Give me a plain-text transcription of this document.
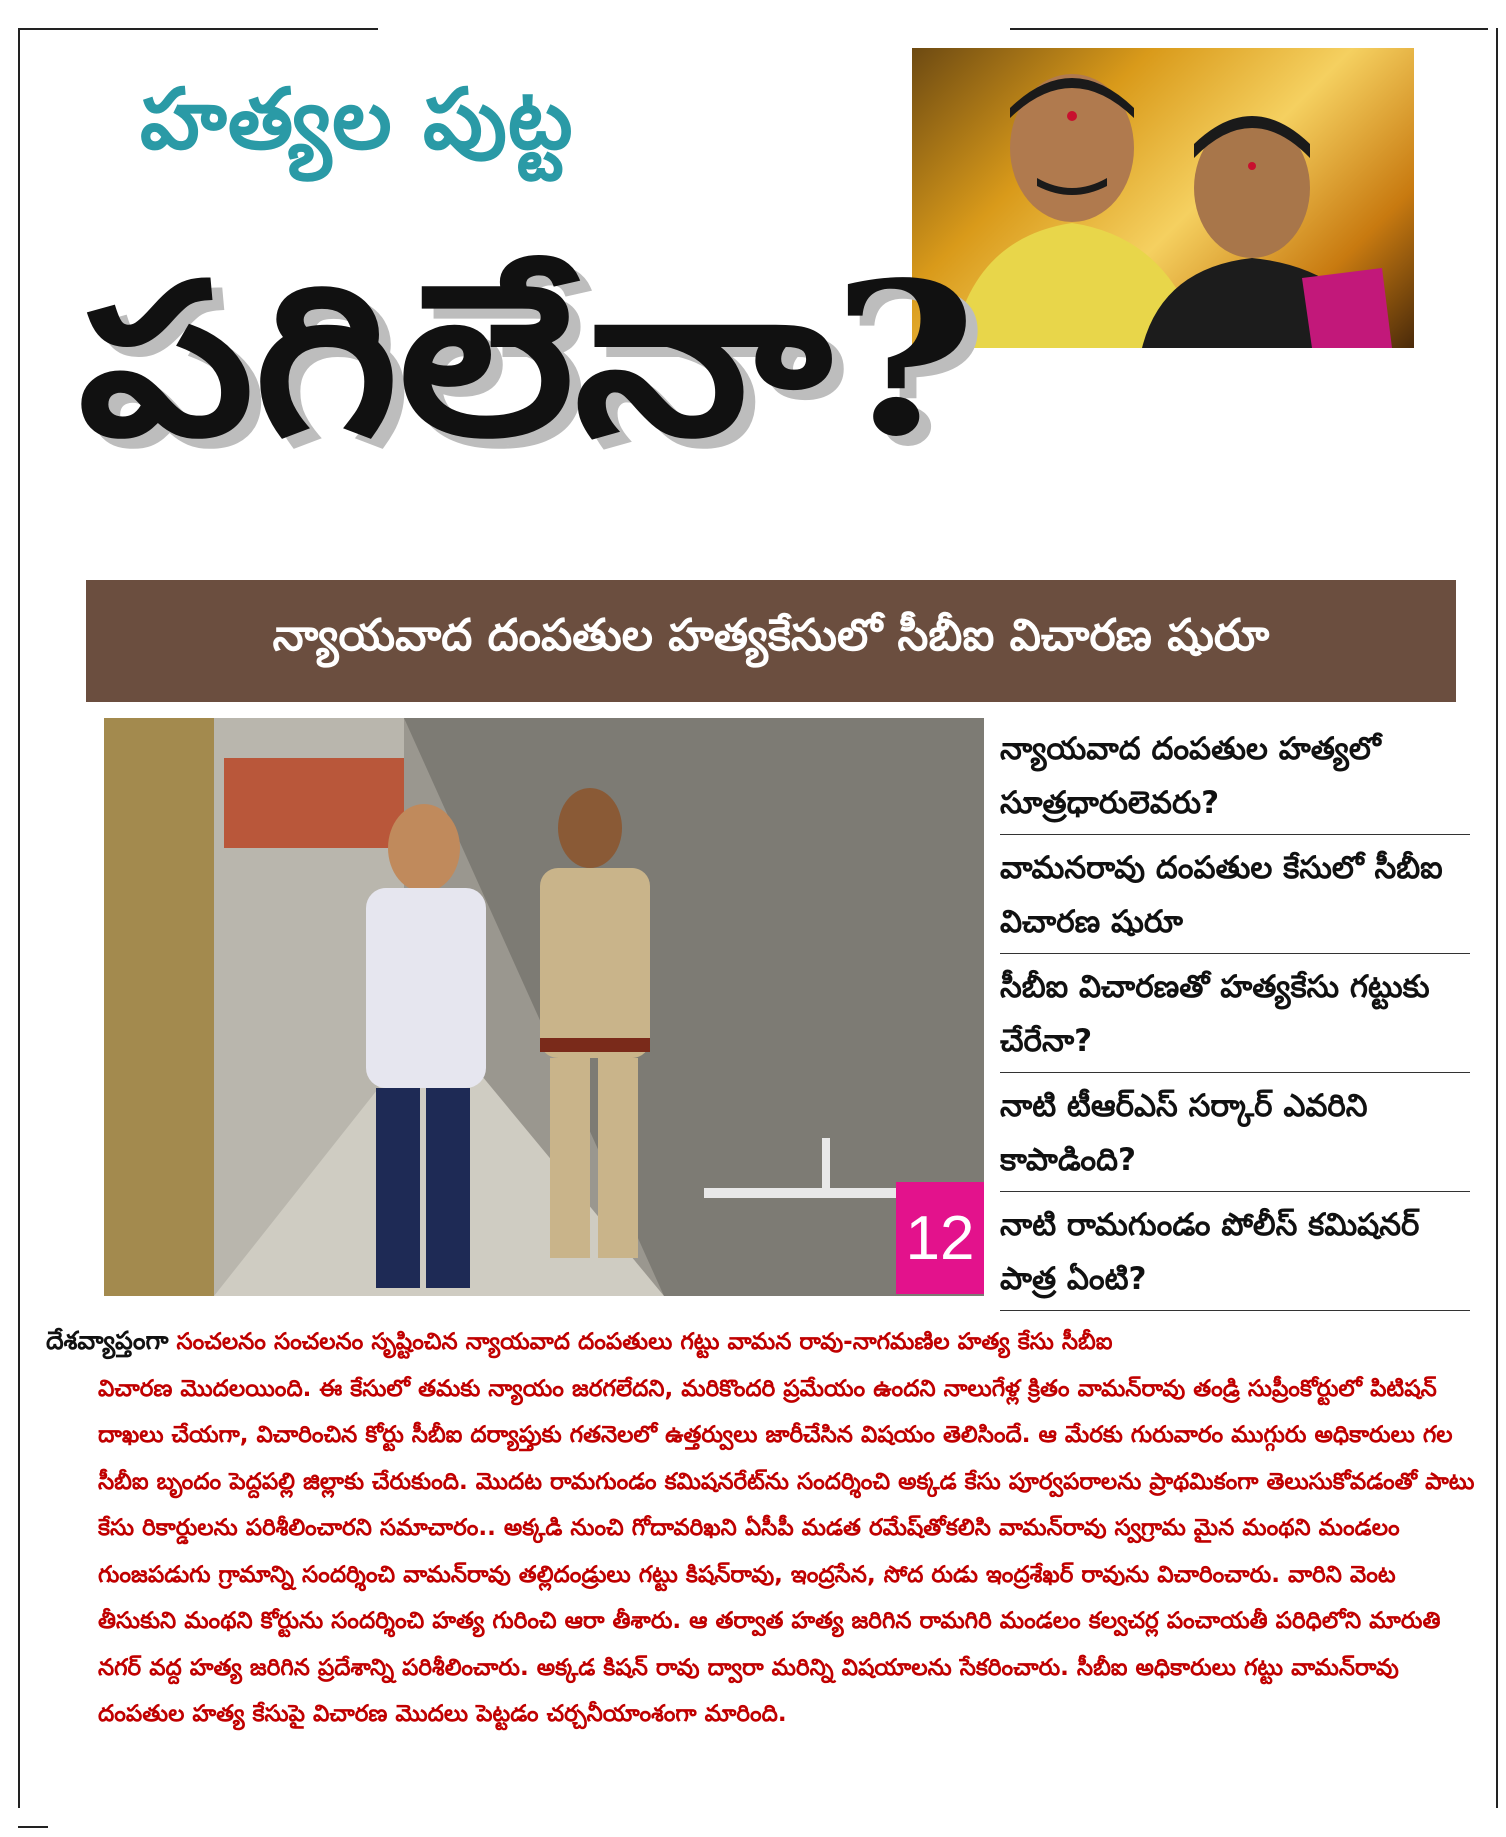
హత్యల పుట్ట
పగిలేనా?
న్యాయవాద దంపతుల హత్యకేసులో సీబీఐ విచారణ షురూ
12
న్యాయవాద దంపతుల హత్యలో సూత్రధారులెవరు?
వామనరావు దంపతుల కేసులో సీబీఐ విచారణ షురూ
సీబీఐ విచారణతో హత్యకేసు గట్టుకు చేరేనా?
నాటి టీఆర్ఎస్ సర్కార్ ఎవరిని కాపాడింది?
నాటి రామగుండం పోలీస్ కమిషనర్ పాత్ర ఏంటి?
దేశవ్యాప్తంగా సంచలనం సంచలనం సృష్టించిన న్యాయవాద దంపతులు గట్టు వామన రావు-నాగమణిల హత్య కేసు సీబీఐ
విచారణ మొదలయింది. ఈ కేసులో తమకు న్యాయం జరగలేదని, మరికొందరి ప్రమేయం ఉందని నాలుగేళ్ల క్రితం వామన్‌రావు తండ్రి సుప్రీంకోర్టులో పిటిషన్ దాఖలు చేయగా, విచారించిన కోర్టు సీబీఐ దర్యాప్తుకు గతనెలలో ఉత్తర్వులు జారీచేసిన విషయం తెలిసిందే. ఆ మేరకు గురువారం ముగ్గురు అధికారులు గల సీబీఐ బృందం పెద్దపల్లి జిల్లాకు చేరుకుంది. మొదట రామగుండం కమిషనరేట్‌ను సందర్శించి అక్కడ కేసు పూర్వపరాలను ప్రాథమికంగా తెలుసుకోవడంతో పాటు కేసు రికార్డులను పరిశీలించారని సమాచారం.. అక్కడి నుంచి గోదావరిఖని ఏసీపీ మడత రమేష్‌తోకలిసి వామన్‌రావు స్వగ్రామ మైన మంథని మండలం గుంజపడుగు గ్రామాన్ని సందర్శించి వామన్‌రావు తల్లిదండ్రులు గట్టు కిషన్‌రావు, ఇంద్రసేన, సోద రుడు ఇంద్రశేఖర్ రావును విచారించారు. వారిని వెంట తీసుకుని మంథని కోర్టును సందర్శించి హత్య గురించి ఆరా తీశారు. ఆ తర్వాత హత్య జరిగిన రామగిరి మండలం కల్వచర్ల పంచాయతీ పరిధిలోని మారుతి నగర్ వద్ద హత్య జరిగిన ప్రదేశాన్ని పరిశీలించారు. అక్కడ కిషన్ రావు ద్వారా మరిన్ని విషయాలను సేకరించారు. సీబీఐ అధికారులు గట్టు వామన్‌రావు దంపతుల హత్య కేసుపై విచారణ మొదలు పెట్టడం చర్చనీయాంశంగా మారింది.
